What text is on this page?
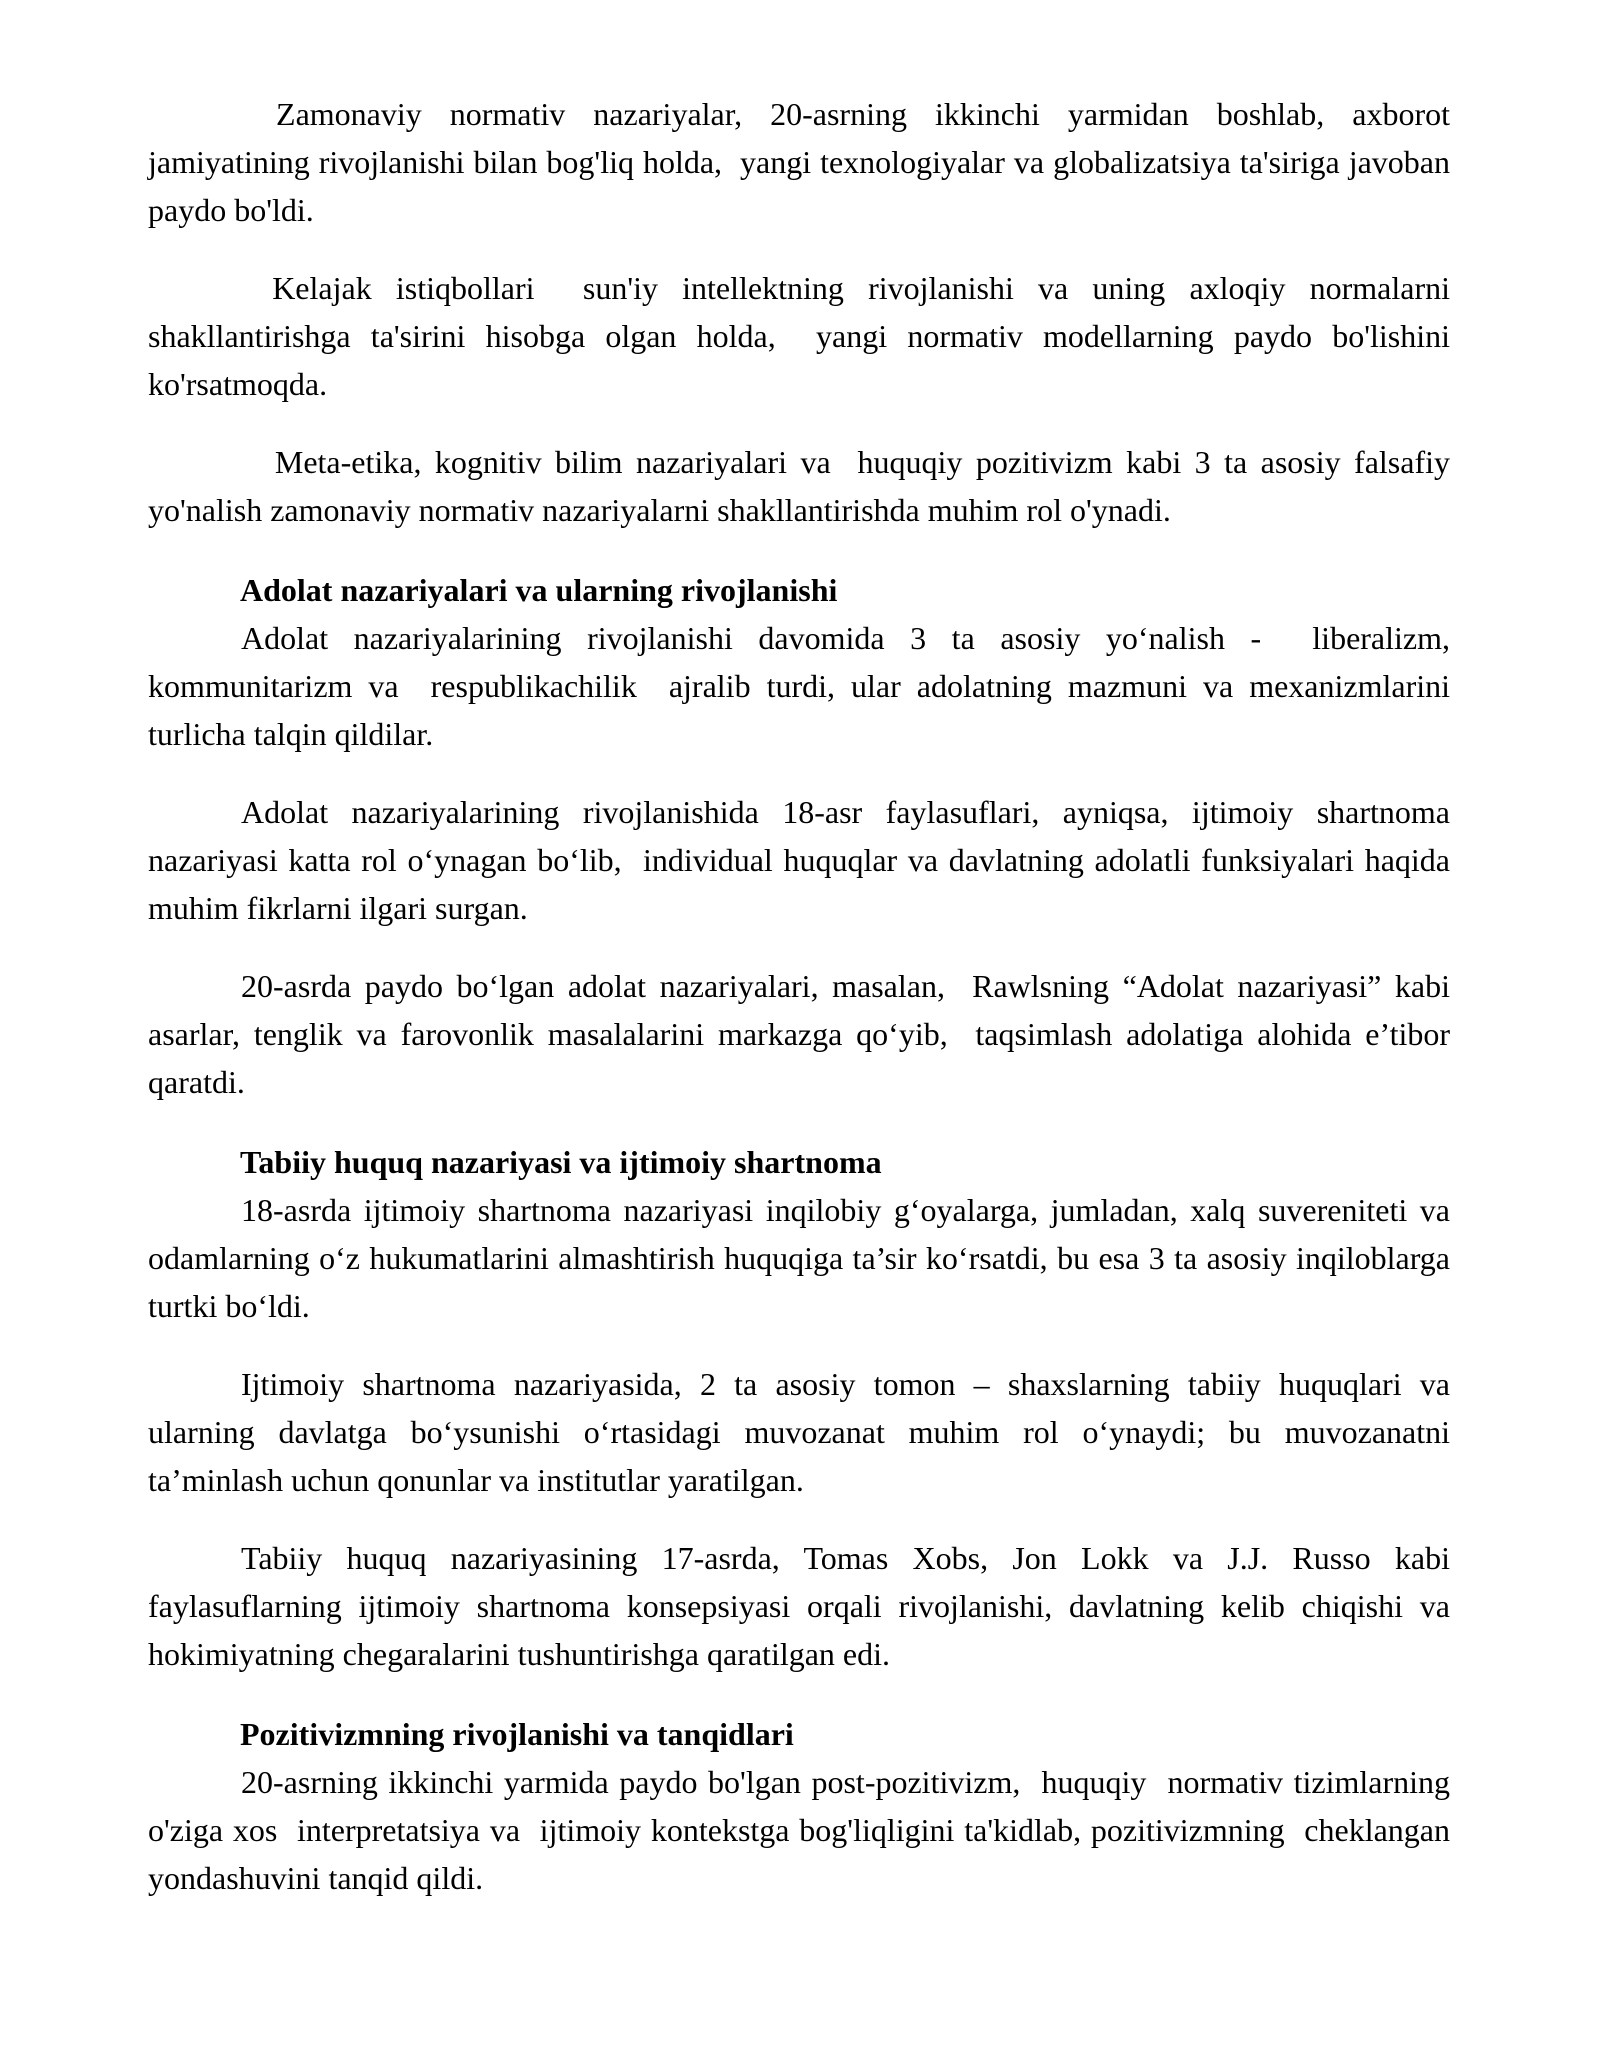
Zamonaviy normativ nazariyalar, 20-asrning ikkinchi yarmidan boshlab, axborot jamiyatining rivojlanishi bilan bog'liq holda,  yangi texnologiyalar va globalizatsiya ta'siriga javoban paydo bo'ldi.

Kelajak istiqbollari  sun'iy intellektning rivojlanishi va uning axloqiy normalarni shakllantirishga ta'sirini hisobga olgan holda,  yangi normativ modellarning paydo bo'lishini  ko'rsatmoqda.

Meta-etika, kognitiv bilim nazariyalari va  huquqiy pozitivizm kabi 3 ta asosiy falsafiy yo'nalish zamonaviy normativ nazariyalarni shakllantirishda muhim rol o'ynadi.

Adolat nazariyalari va ularning rivojlanishi

Adolat nazariyalarining rivojlanishi davomida 3 ta asosiy yo‘nalish -  liberalizm, kommunitarizm va  respublikachilik  ajralib turdi, ular adolatning mazmuni va mexanizmlarini turlicha talqin qildilar.

Adolat nazariyalarining rivojlanishida 18-asr faylasuflari, ayniqsa, ijtimoiy shartnoma nazariyasi katta rol o‘ynagan bo‘lib,  individual huquqlar va davlatning adolatli funksiyalari haqida muhim fikrlarni ilgari surgan.

20-asrda paydo bo‘lgan adolat nazariyalari, masalan,  Rawlsning “Adolat nazariyasi” kabi asarlar, tenglik va farovonlik masalalarini markazga qo‘yib,  taqsimlash adolatiga alohida e’tibor qaratdi.

Tabiiy huquq nazariyasi va ijtimoiy shartnoma

18-asrda ijtimoiy shartnoma nazariyasi inqilobiy g‘oyalarga, jumladan, xalq suvereniteti va odamlarning o‘z hukumatlarini almashtirish huquqiga ta’sir ko‘rsatdi, bu esa 3 ta asosiy inqiloblarga turtki bo‘ldi.

Ijtimoiy shartnoma nazariyasida, 2 ta asosiy tomon – shaxslarning tabiiy huquqlari va ularning davlatga bo‘ysunishi o‘rtasidagi muvozanat muhim rol o‘ynaydi; bu muvozanatni ta’minlash uchun qonunlar va institutlar yaratilgan.

Tabiiy huquq nazariyasining 17-asrda, Tomas Xobs, Jon Lokk va J.J. Russo kabi faylasuflarning ijtimoiy shartnoma konsepsiyasi orqali rivojlanishi, davlatning kelib chiqishi va hokimiyatning chegaralarini tushuntirishga qaratilgan edi.

Pozitivizmning rivojlanishi va tanqidlari

20-asrning ikkinchi yarmida paydo bo'lgan post-pozitivizm,  huquqiy  normativ tizimlarning  o'ziga xos  interpretatsiya va  ijtimoiy kontekstga bog'liqligini ta'kidlab, pozitivizmning  cheklangan  yondashuvini tanqid qildi.
